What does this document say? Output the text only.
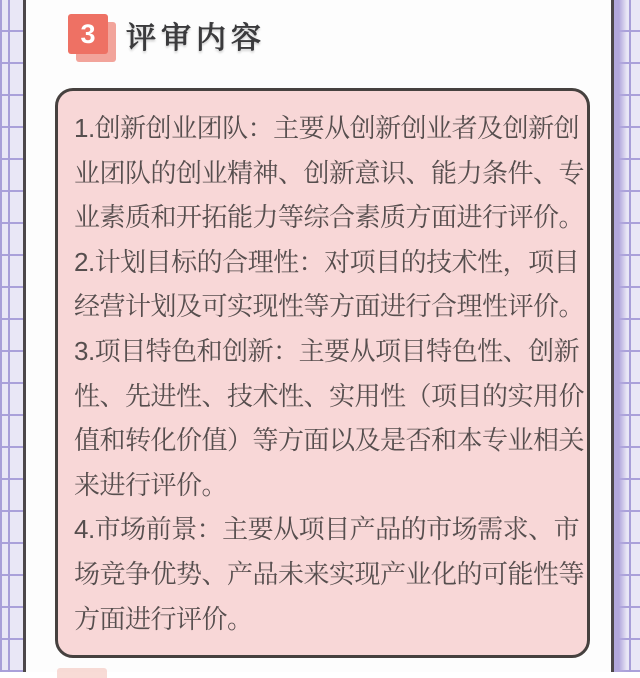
3	评审内容
1.创新创业团队：主要从创新创业者及创新创
业团队的创业精神、创新意识、能力条件、专
业素质和开拓能力等综合素质方面进行评价。
2.计划目标的合理性：对项目的技术性，项目
经营计划及可实现性等方面进行合理性评价。
3.项目特色和创新：主要从项目特色性、创新
性、先进性、技术性、实用性（项目的实用价
值和转化价值）等方面以及是否和本专业相关
来进行评价。
4.市场前景：主要从项目产品的市场需求、市
场竞争优势、产品未来实现产业化的可能性等
方面进行评价。
